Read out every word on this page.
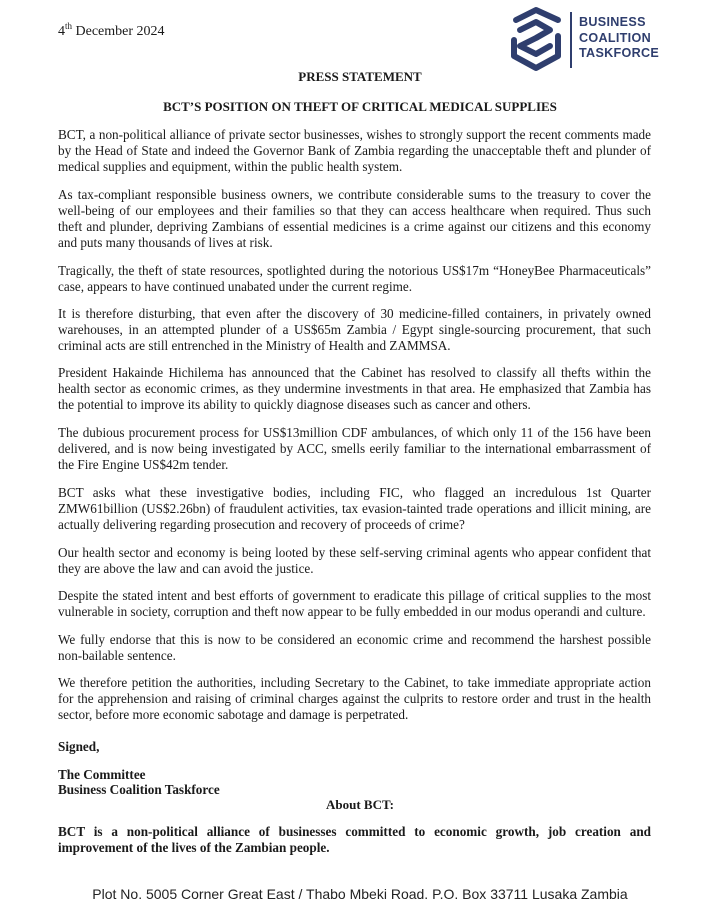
4th December 2024
BUSINESS
COALITION
TASKFORCE
PRESS STATEMENT
BCT’S POSITION ON THEFT OF CRITICAL MEDICAL SUPPLIES
BCT, a non-political alliance of private sector businesses, wishes to strongly support the recent comments made by the Head of State and indeed the Governor Bank of Zambia regarding the unacceptable theft and plunder of medical supplies and equipment, within the public health system.
As tax-compliant responsible business owners, we contribute considerable sums to the treasury to cover the well-being of our employees and their families so that they can access healthcare when required. Thus such theft and plunder, depriving Zambians of essential medicines is a crime against our citizens and this economy and puts many thousands of lives at risk.
Tragically, the theft of state resources, spotlighted during the notorious US$17m “HoneyBee Pharmaceuticals” case, appears to have continued unabated under the current regime.
It is therefore disturbing, that even after the discovery of 30 medicine-filled containers, in privately owned warehouses, in an attempted plunder of a US$65m Zambia / Egypt single-sourcing procurement, that such criminal acts are still entrenched in the Ministry of Health and ZAMMSA.
President Hakainde Hichilema has announced that the Cabinet has resolved to classify all thefts within the health sector as economic crimes, as they undermine investments in that area. He emphasized that Zambia has the potential to improve its ability to quickly diagnose diseases such as cancer and others.
The dubious procurement process for US$13million CDF ambulances, of which only 11 of the 156 have been delivered, and is now being investigated by ACC, smells eerily familiar to the international embarrassment of the Fire Engine US$42m tender.
BCT asks what these investigative bodies, including FIC, who flagged an incredulous 1st Quarter ZMW61billion (US$2.26bn) of fraudulent activities, tax evasion-tainted trade operations and illicit mining, are actually delivering regarding prosecution and recovery of proceeds of crime?
Our health sector and economy is being looted by these self-serving criminal agents who appear confident that they are above the law and can avoid the justice.
Despite the stated intent and best efforts of government to eradicate this pillage of critical supplies to the most vulnerable in society, corruption and theft now appear to be fully embedded in our modus operandi and culture.
We fully endorse that this is now to be considered an economic crime and recommend the harshest possible non-bailable sentence.
We therefore petition the authorities, including Secretary to the Cabinet, to take immediate appropriate action for the apprehension and raising of criminal charges against the culprits to restore order and trust in the health sector, before more economic sabotage and damage is perpetrated.
Signed,
The Committee
Business Coalition Taskforce
About BCT:
BCT is a non-political alliance of businesses committed to economic growth, job creation and improvement of the lives of the Zambian people.
Plot No. 5005 Corner Great East / Thabo Mbeki Road. P.O. Box 33711 Lusaka Zambia
